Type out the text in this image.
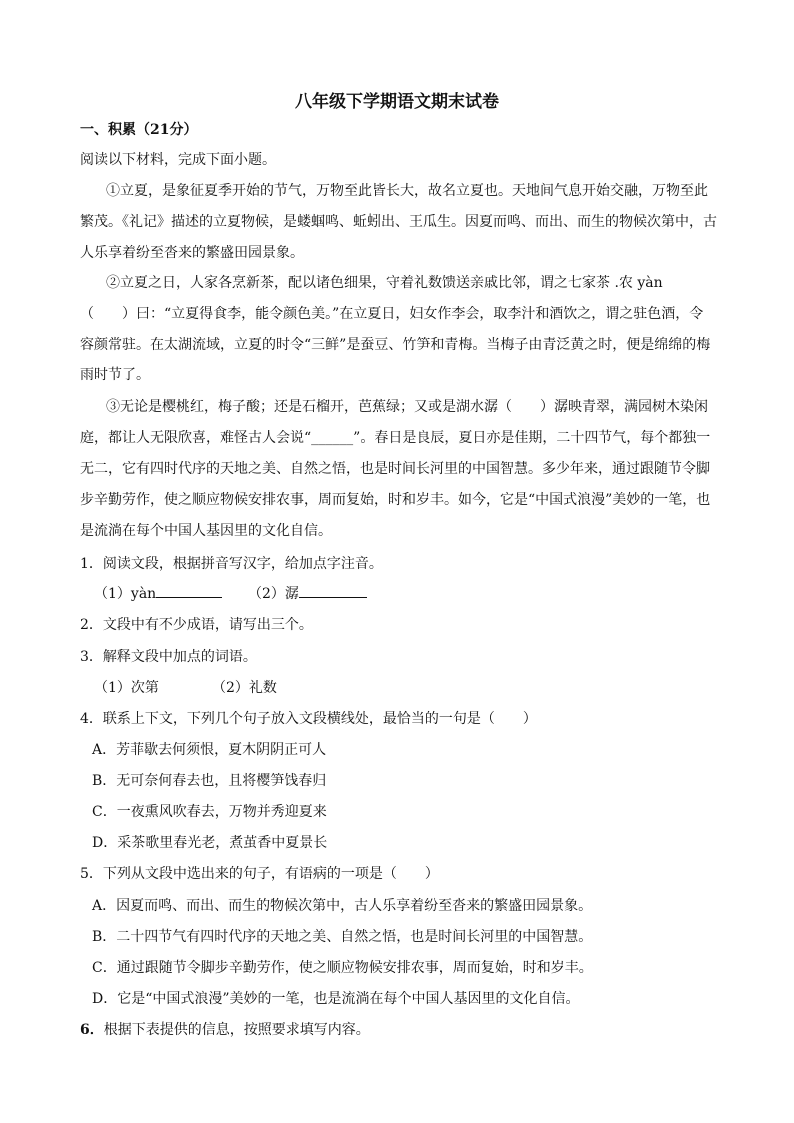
八年级下学期语文期末试卷
一、积累（21分）
阅读以下材料，完成下面小题。
①立夏，是象征夏季开始的节气，万物至此皆长大，故名立夏也。天地间气息开始交融，万物至此
繁茂。《礼记》描述的立夏物候，是蝼蝈鸣、蚯蚓出、王瓜生。因夏而鸣、而出、而生的物候次第中，古
人乐享着纷至沓来的繁盛田园景象。
②立夏之日，人家各烹新茶，配以诸色细果，守着礼数馈送亲戚比邻，谓之七家茶 .农 yàn
（　　）曰：“立夏得食李，能令颜色美。”在立夏日，妇女作李会，取李汁和酒饮之，谓之驻色酒，令
容颜常驻。在太湖流域，立夏的时令“三鲜”是蚕豆、竹笋和青梅。当梅子由青泛黄之时，便是绵绵的梅
雨时节了。
③无论是樱桃红，梅子酸；还是石榴开，芭蕉绿；又或是湖水潺（　　）潺映青翠，满园树木染闲
庭，都让人无限欣喜，难怪古人会说“______”。春日是良辰，夏日亦是佳期，二十四节气，每个都独一
无二，它有四时代序的天地之美、自然之悟，也是时间长河里的中国智慧。多少年来，通过跟随节令脚
步辛勤劳作，使之顺应物候安排农事，周而复始，时和岁丰。如今，它是“中国式浪漫”美妙的一笔，也
是流淌在每个中国人基因里的文化自信。
1．阅读文段，根据拼音写汉字，给加点字注音。
（1）yàn	（2）潺
2．文段中有不少成语，请写出三个。
3．解释文段中加点的词语。
（1）次第	（2）礼数
4．联系上下文，下列几个句子放入文段横线处，最恰当的一句是（　　）
A．芳菲歇去何须恨，夏木阴阴正可人
B．无可奈何春去也，且将樱笋饯春归
C．一夜熏风吹春去，万物并秀迎夏来
D．采茶歌里春光老，煮茧香中夏景长
5．下列从文段中选出来的句子，有语病的一项是（　　）
A．因夏而鸣、而出、而生的物候次第中，古人乐享着纷至沓来的繁盛田园景象。
B．二十四节气有四时代序的天地之美、自然之悟，也是时间长河里的中国智慧。
C．通过跟随节令脚步辛勤劳作，使之顺应物候安排农事，周而复始，时和岁丰。
D．它是“中国式浪漫”美妙的一笔，也是流淌在每个中国人基因里的文化自信。
6．根据下表提供的信息，按照要求填写内容。
